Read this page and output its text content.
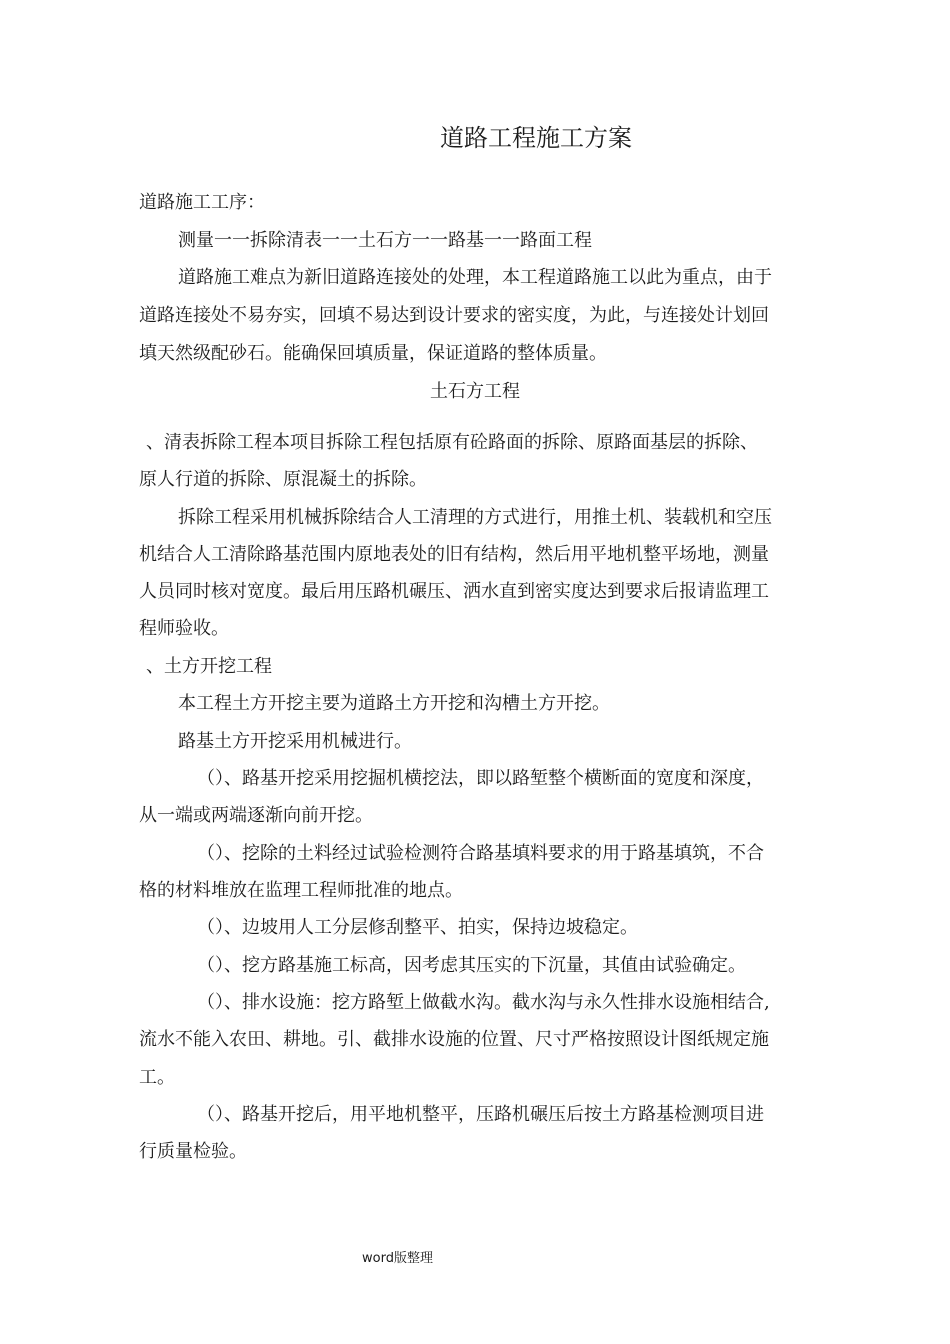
道路工程施工方案
道路施工工序：
测量一一拆除清表一一土石方一一路基一一路面工程
道路施工难点为新旧道路连接处的处理，本工程道路施工以此为重点，由于
道路连接处不易夯实，回填不易达到设计要求的密实度，为此，与连接处计划回
填天然级配砂石。能确保回填质量，保证道路的整体质量。
土石方工程
、清表拆除工程本项目拆除工程包括原有砼路面的拆除、原路面基层的拆除、
原人行道的拆除、原混凝土的拆除。
拆除工程采用机械拆除结合人工清理的方式进行，用推土机、装载机和空压
机结合人工清除路基范围内原地表处的旧有结构，然后用平地机整平场地，测量
人员同时核对宽度。最后用压路机碾压、洒水直到密实度达到要求后报请监理工
程师验收。
、土方开挖工程
本工程土方开挖主要为道路土方开挖和沟槽土方开挖。
路基土方开挖采用机械进行。
（）、路基开挖采用挖掘机横挖法，即以路堑整个横断面的宽度和深度，
从一端或两端逐渐向前开挖。
（）、挖除的土料经过试验检测符合路基填料要求的用于路基填筑，不合
格的材料堆放在监理工程师批准的地点。
（）、边坡用人工分层修刮整平、拍实，保持边坡稳定。
（）、挖方路基施工标高，因考虑其压实的下沉量，其值由试验确定。
（）、排水设施：挖方路堑上做截水沟。截水沟与永久性排水设施相结合,
流水不能入农田、耕地。引、截排水设施的位置、尺寸严格按照设计图纸规定施
工。
（）、路基开挖后，用平地机整平，压路机碾压后按土方路基检测项目进
行质量检验。
word版整理
